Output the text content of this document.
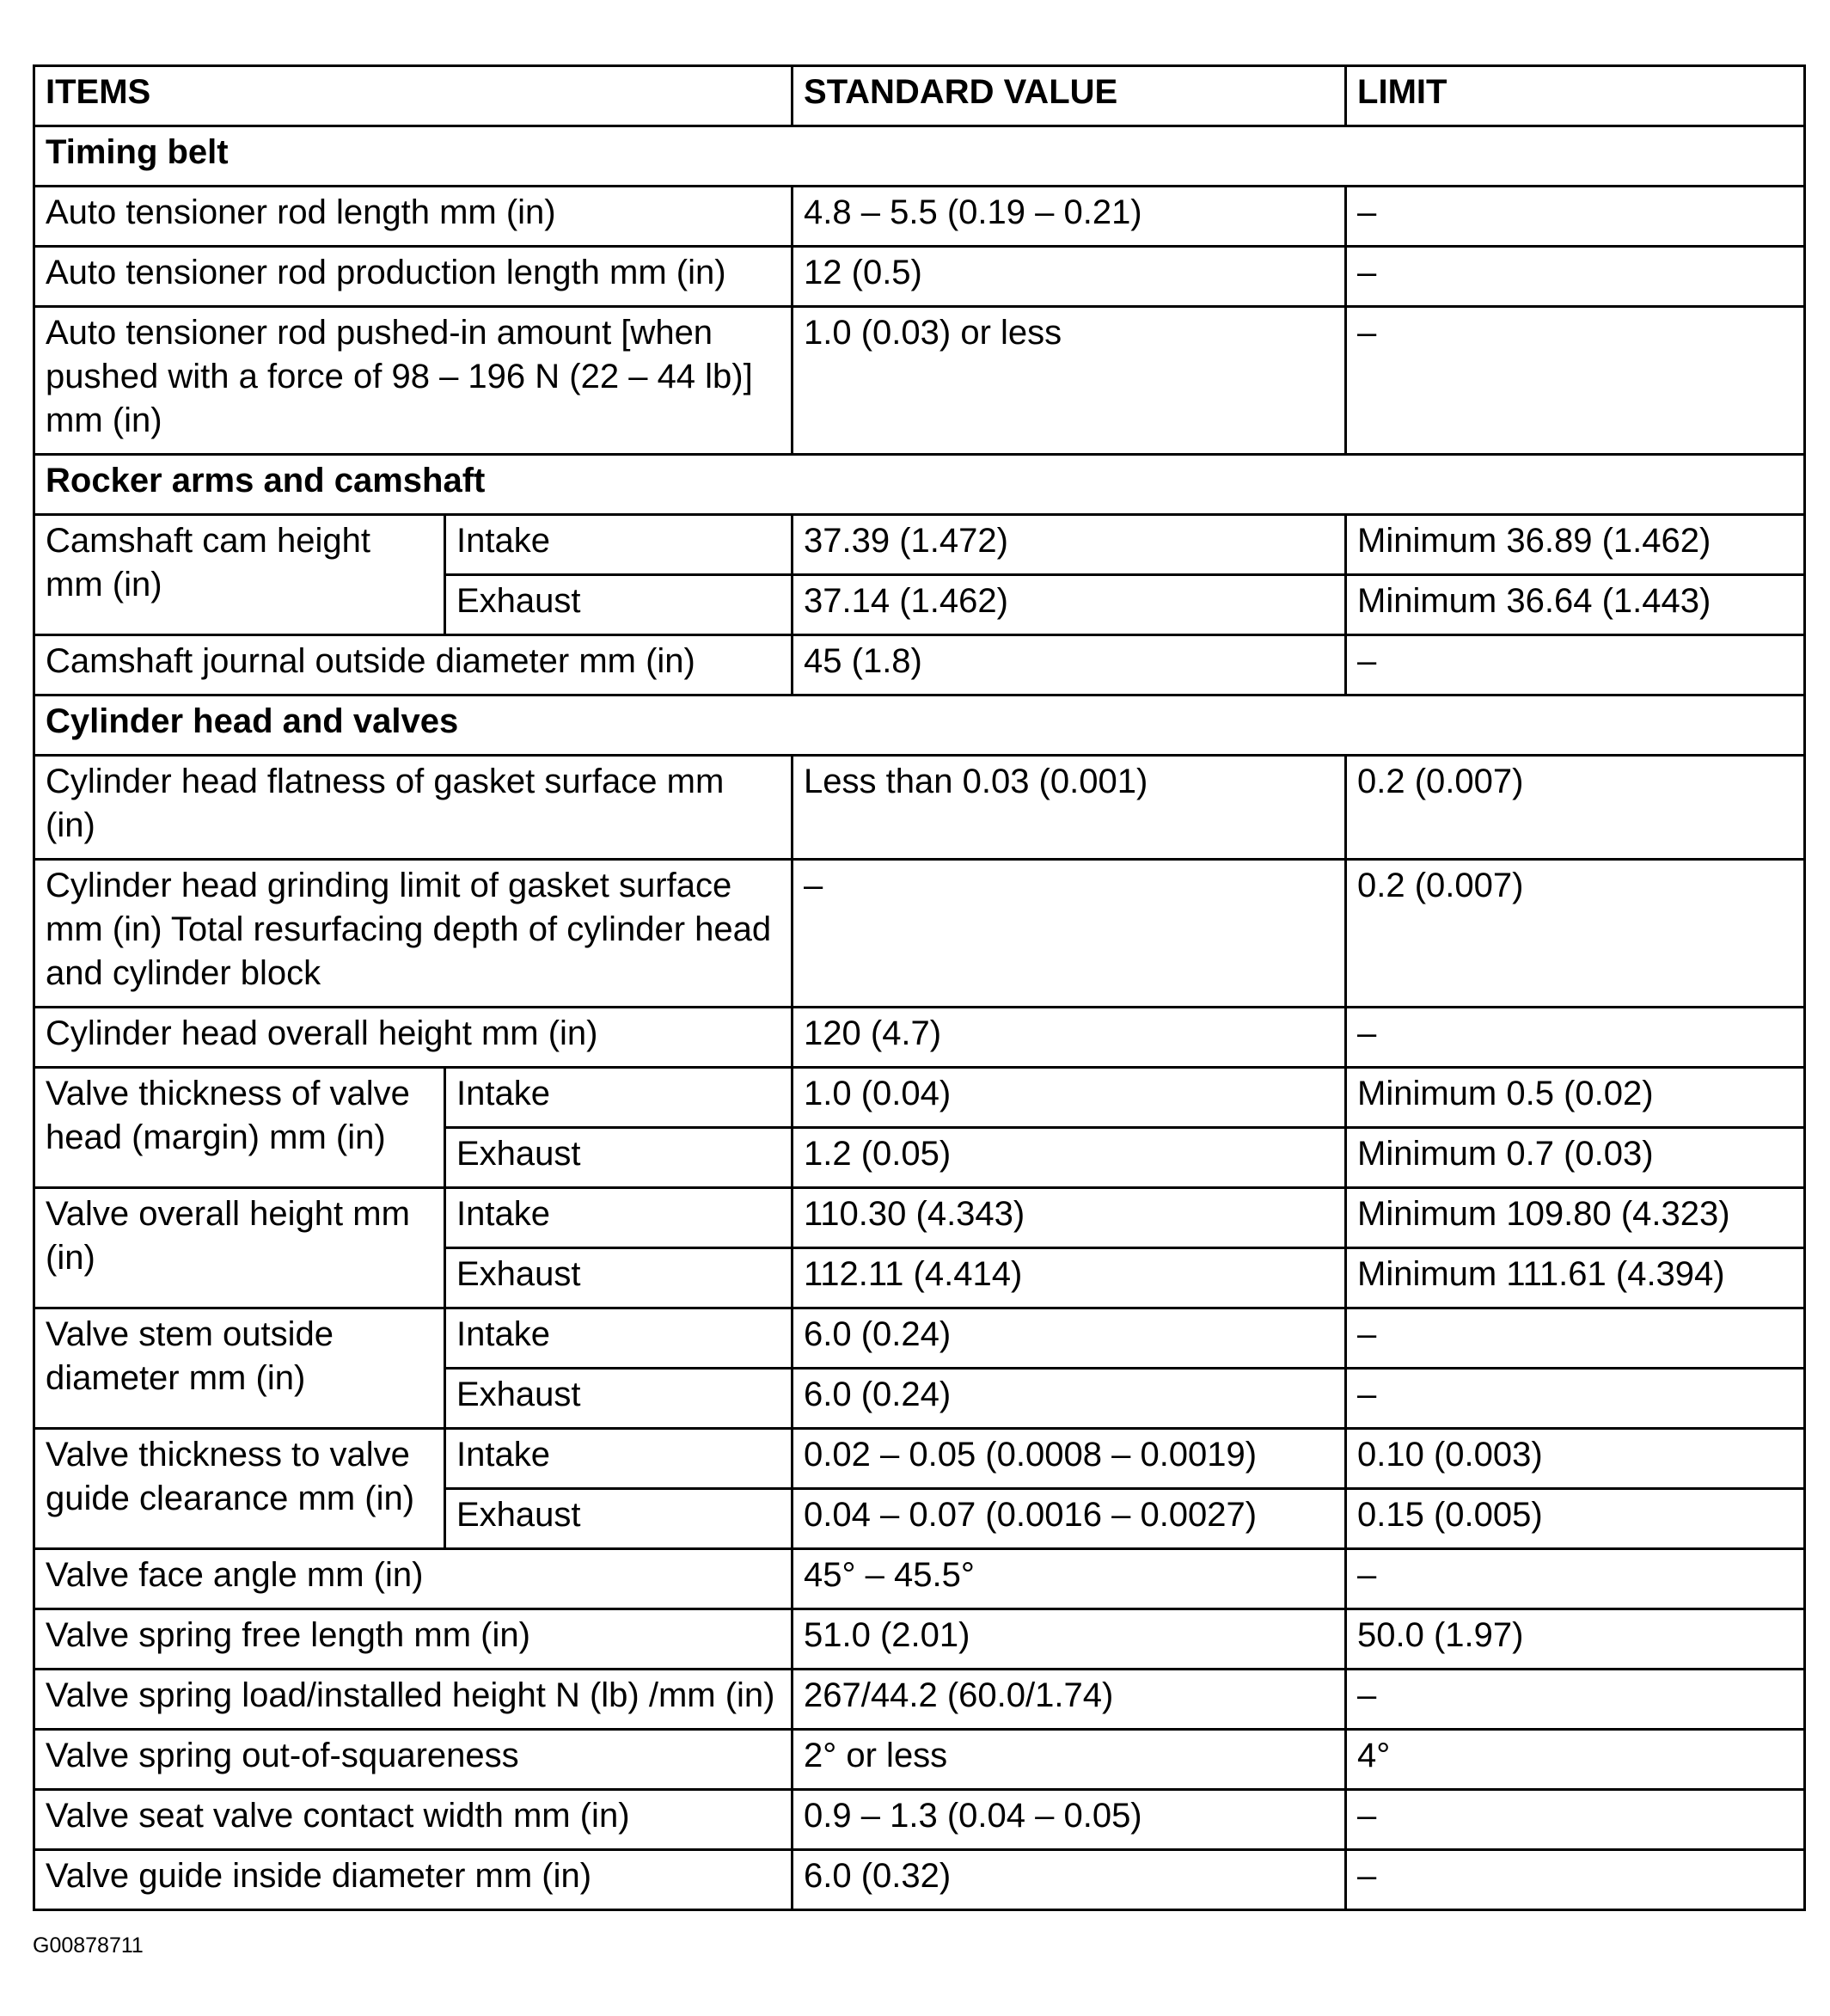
ITEMS		STANDARD VALUE	LIMIT
Timing belt			
Auto tensioner rod length mm (in)		4.8 – 5.5 (0.19 – 0.21)	–
Auto tensioner rod production length mm (in)		12 (0.5)	–
Auto tensioner rod pushed-in amount [when pushed with a force of 98 – 196 N (22 – 44 lb)] mm (in)		1.0 (0.03) or less	–
Rocker arms and camshaft			
Camshaft cam height mm (in)	Intake	37.39 (1.472)	Minimum 36.89 (1.462)
	Exhaust	37.14 (1.462)	Minimum 36.64 (1.443)
Camshaft journal outside diameter mm (in)		45 (1.8)	–
Cylinder head and valves			
Cylinder head flatness of gasket surface mm (in)		Less than 0.03 (0.001)	0.2 (0.007)
Cylinder head grinding limit of gasket surface mm (in) Total resurfacing depth of cylinder head and cylinder block		–	0.2 (0.007)
Cylinder head overall height mm (in)		120 (4.7)	–
Valve thickness of valve head (margin) mm (in)	Intake	1.0 (0.04)	Minimum 0.5 (0.02)
	Exhaust	1.2 (0.05)	Minimum 0.7 (0.03)
Valve overall height mm (in)	Intake	110.30 (4.343)	Minimum 109.80 (4.323)
	Exhaust	112.11 (4.414)	Minimum 111.61 (4.394)
Valve stem outside diameter mm (in)	Intake	6.0 (0.24)	–
	Exhaust	6.0 (0.24)	–
Valve thickness to valve guide clearance mm (in)	Intake	0.02 – 0.05 (0.0008 – 0.0019)	0.10 (0.003)
	Exhaust	0.04 – 0.07 (0.0016 – 0.0027)	0.15 (0.005)
Valve face angle mm (in)		45° – 45.5°	–
Valve spring free length mm (in)		51.0 (2.01)	50.0 (1.97)
Valve spring load/installed height N (lb) /mm (in)		267/44.2 (60.0/1.74)	–
Valve spring out-of-squareness		2° or less	4°
Valve seat valve contact width mm (in)		0.9 – 1.3 (0.04 – 0.05)	–
Valve guide inside diameter mm (in)		6.0 (0.32)	–
G00878711
